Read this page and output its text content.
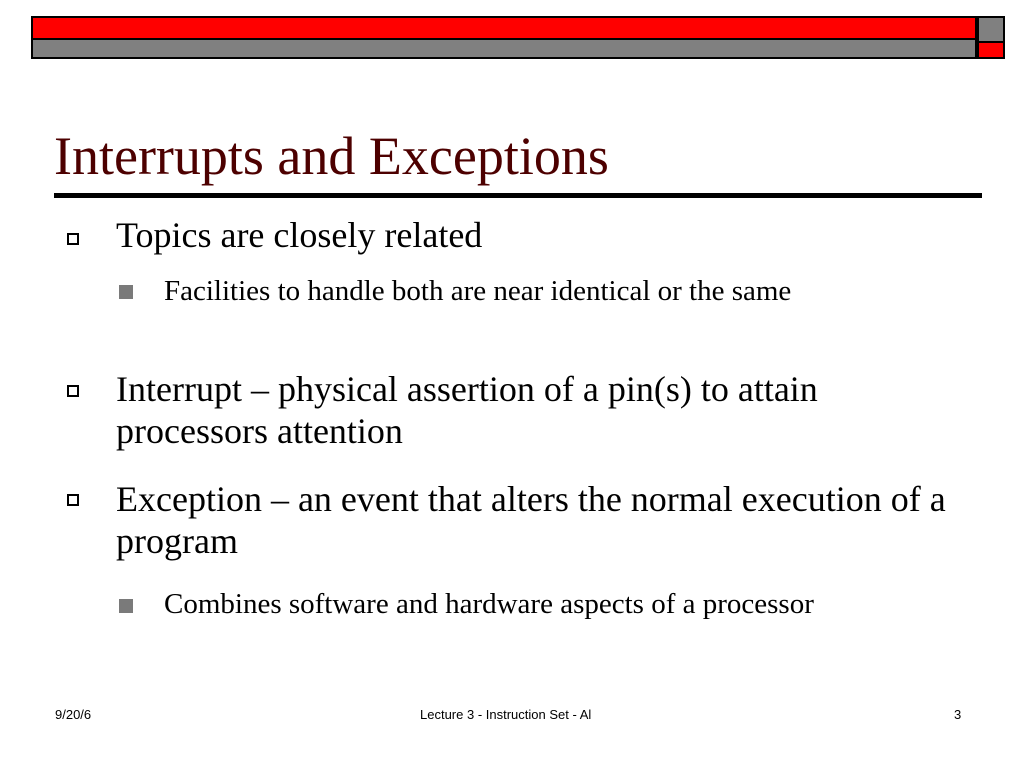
Interrupts and Exceptions
Topics are closely related
Facilities to handle both are near identical or the same
Interrupt – physical assertion of a pin(s) to attain processors attention
Exception – an event that alters the normal execution of a program
Combines software and hardware aspects of a processor
9/20/6	Lecture 3 - Instruction Set - Al	3
